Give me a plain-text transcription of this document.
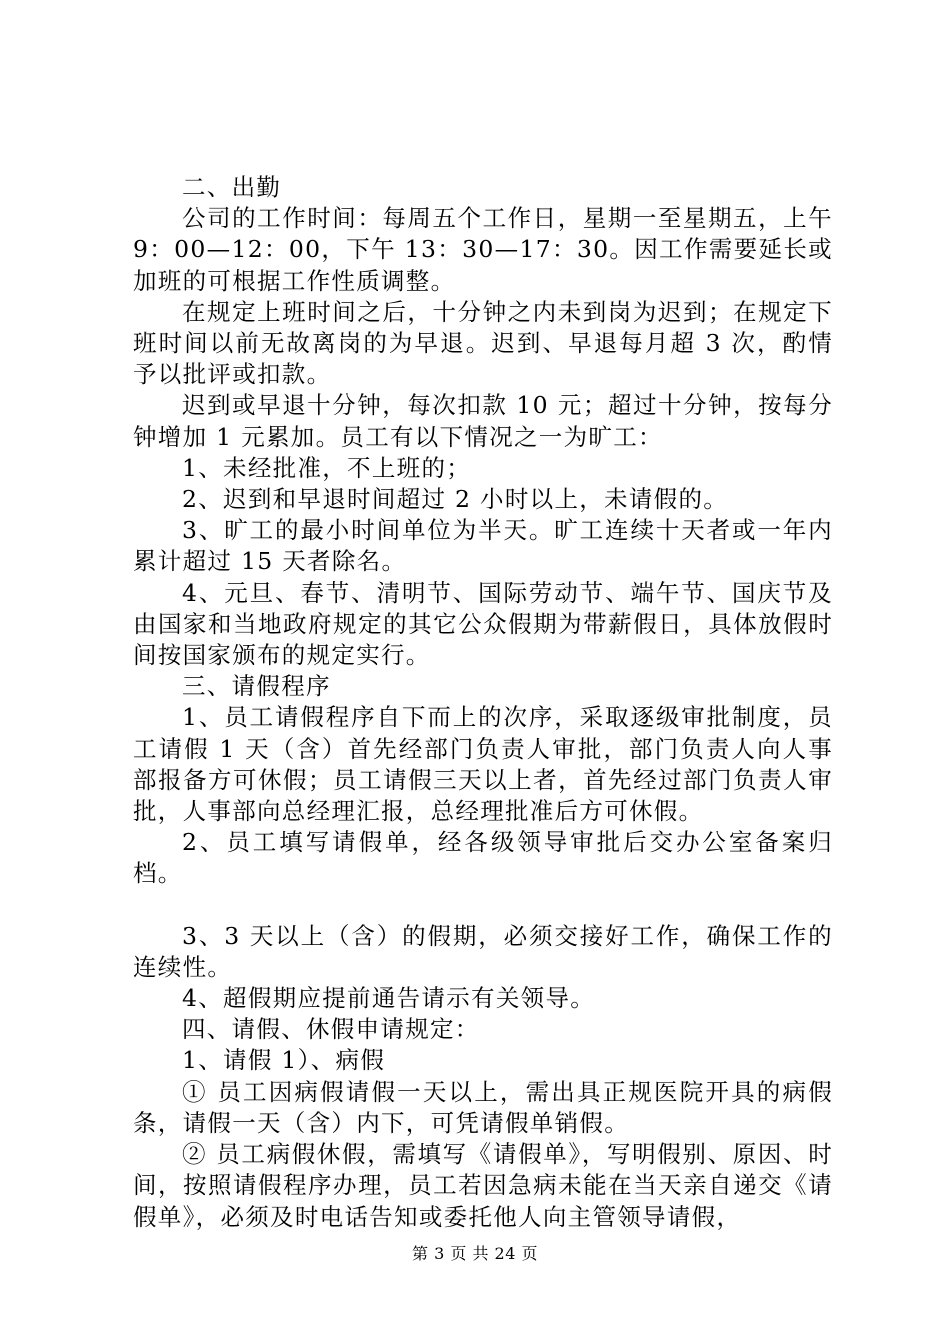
二、出勤

公司的工作时间：每周五个工作日，星期一至星期五，上午 9：00—12：00，下午 13：30—17：30。因工作需要延长或加班的可根据工作性质调整。

在规定上班时间之后，十分钟之内未到岗为迟到；在规定下班时间以前无故离岗的为早退。迟到、早退每月超 3 次，酌情予以批评或扣款。

迟到或早退十分钟，每次扣款 10 元；超过十分钟，按每分钟增加 1 元累加。员工有以下情况之一为旷工：

1、未经批准，不上班的；

2、迟到和早退时间超过 2 小时以上，未请假的。

3、旷工的最小时间单位为半天。旷工连续十天者或一年内累计超过 15 天者除名。

4、元旦、春节、清明节、国际劳动节、端午节、国庆节及由国家和当地政府规定的其它公众假期为带薪假日，具体放假时间按国家颁布的规定实行。

三、请假程序

1、员工请假程序自下而上的次序，采取逐级审批制度，员工请假 1 天（含）首先经部门负责人审批，部门负责人向人事部报备方可休假；员工请假三天以上者，首先经过部门负责人审批，人事部向总经理汇报，总经理批准后方可休假。

2、员工填写请假单，经各级领导审批后交办公室备案归档。

3、3 天以上（含）的假期，必须交接好工作，确保工作的连续性。

4、超假期应提前通告请示有关领导。

四、请假、休假申请规定：

1、请假 1）、病假

① 员工因病假请假一天以上，需出具正规医院开具的病假条，请假一天（含）内下，可凭请假单销假。

② 员工病假休假，需填写《请假单》，写明假别、原因、时间，按照请假程序办理，员工若因急病未能在当天亲自递交《请假单》，必须及时电话告知或委托他人向主管领导请假，

第 3 页 共 24 页
